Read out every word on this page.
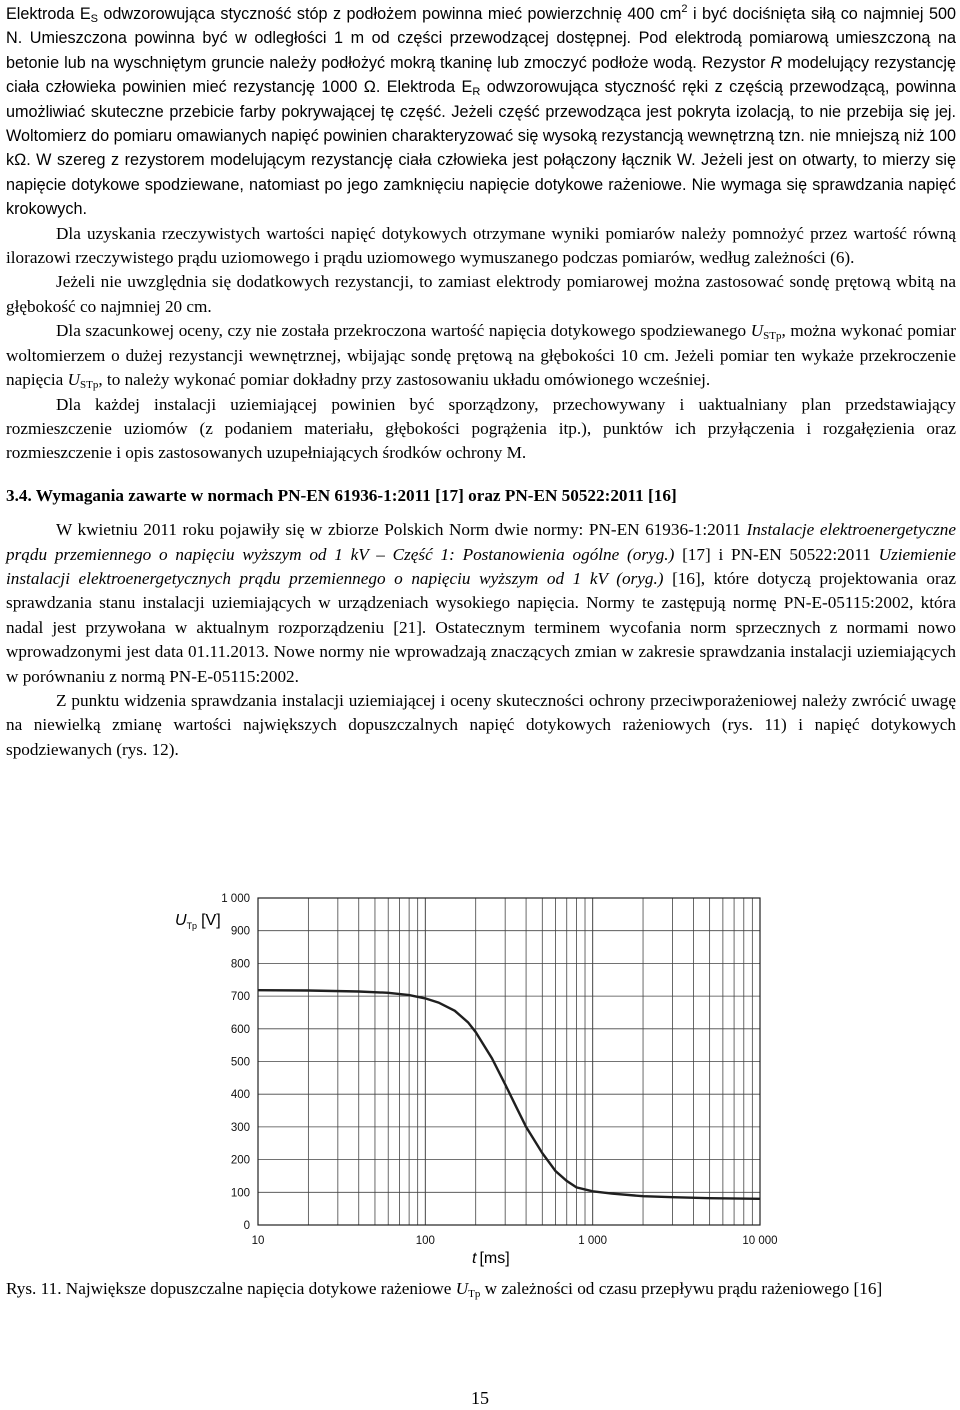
Elektroda $E_S$ odwzorowująca styczność stóp z podłożem powinna mieć powierzchnię 400 $cm^2$ i być dociśnięta siłą co najmniej 500 N. Umieszczona powinna być w odległości 1 m od części przewodzącej dostępnej. Pod elektrodą pomiarową umieszczoną na betonie lub na wyschniętym gruncie należy podłożyć mokrą tkaninę lub zmoczyć podłoże wodą. Rezystor R modelujący rezystancję ciała człowieka powinien mieć rezystancję 1000 Ω. Elektroda $E_R$ odwzorowująca styczność ręki z częścią przewodzącą, powinna umożliwiać skuteczne przebicie farby pokrywającej tę część. Jeżeli część przewodząca jest pokryta izolacją, to nie przebija się jej. Woltomierz do pomiaru omawianych napięć powinien charakteryzować się wysoką rezystancją wewnętrzną tzn. nie mniejszą niż 100 kΩ. W szereg z rezystorem modelującym rezystancję ciała człowieka jest połączony łącznik W. Jeżeli jest on otwarty, to mierzy się napięcie dotykowe spodziewane, natomiast po jego zamknięciu napięcie dotykowe rażeniowe. Nie wymaga się sprawdzania napięć krokowych.

Dla uzyskania rzeczywistych wartości napięć dotykowych otrzymane wyniki pomiarów należy pomnożyć przez wartość równą ilorazowi rzeczywistego prądu uziomowego i prądu uziomowego wymuszanego podczas pomiarów, według zależności (6).

Jeżeli nie uwzględnia się dodatkowych rezystancji, to zamiast elektrody pomiarowej można zastosować sondę prętową wbitą na głębokość co najmniej 20 cm.

Dla szacunkowej oceny, czy nie została przekroczona wartość napięcia dotykowego spodziewanego $U_{STp}$, można wykonać pomiar woltomierzem o dużej rezystancji wewnętrznej, wbijając sondę prętową na głębokości 10 cm. Jeżeli pomiar ten wykaże przekroczenie napięcia $U_{STp}$, to należy wykonać pomiar dokładny przy zastosowaniu układu omówionego wcześniej.

Dla każdej instalacji uziemiającej powinien być sporządzony, przechowywany i uaktualniany plan przedstawiający rozmieszczenie uziomów (z podaniem materiału, głębokości pogrążenia itp.), punktów ich przyłączenia i rozgałęzienia oraz rozmieszczenie i opis zastosowanych uzupełniających środków ochrony M.

3.4. Wymagania zawarte w normach PN-EN 61936-1:2011 [17] oraz PN-EN 50522:2011 [16]

W kwietniu 2011 roku pojawiły się w zbiorze Polskich Norm dwie normy: PN-EN 61936-1:2011 Instalacje elektroenergetyczne prądu przemiennego o napięciu wyższym od 1 kV – Część 1: Postanowienia ogólne (oryg.) [17] i PN-EN 50522:2011 Uziemienie instalacji elektroenergetycznych prądu przemiennego o napięciu wyższym od 1 kV (oryg.) [16], które dotyczą projektowania oraz sprawdzania stanu instalacji uziemiających w urządzeniach wysokiego napięcia. Normy te zastępują normę PN-E-05115:2002, która nadal jest przywołana w aktualnym rozporządzeniu [21]. Ostatecznym terminem wycofania norm sprzecznych z normami nowo wprowadzonymi jest data 01.11.2013. Nowe normy nie wprowadzają znaczących zmian w zakresie sprawdzania instalacji uziemiających w porównaniu z normą PN-E-05115:2002.

Z punktu widzenia sprawdzania instalacji uziemiającej i oceny skuteczności ochrony przeciwporażeniowej należy zwrócić uwagę na niewielką zmianę wartości największych dopuszczalnych napięć dotykowych rażeniowych (rys. 11) i napięć dotykowych spodziewanych (rys. 12).

0
100
200
300
400
500
600
700
800
900
1 000
10	100	1 000	10 000
$U_{Tp}$ [V]
t [ms]
Rys. 11. Największe dopuszczalne napięcia dotykowe rażeniowe $U_{Tp}$ w zależności od czasu przepływu prądu rażeniowego [16]
15
